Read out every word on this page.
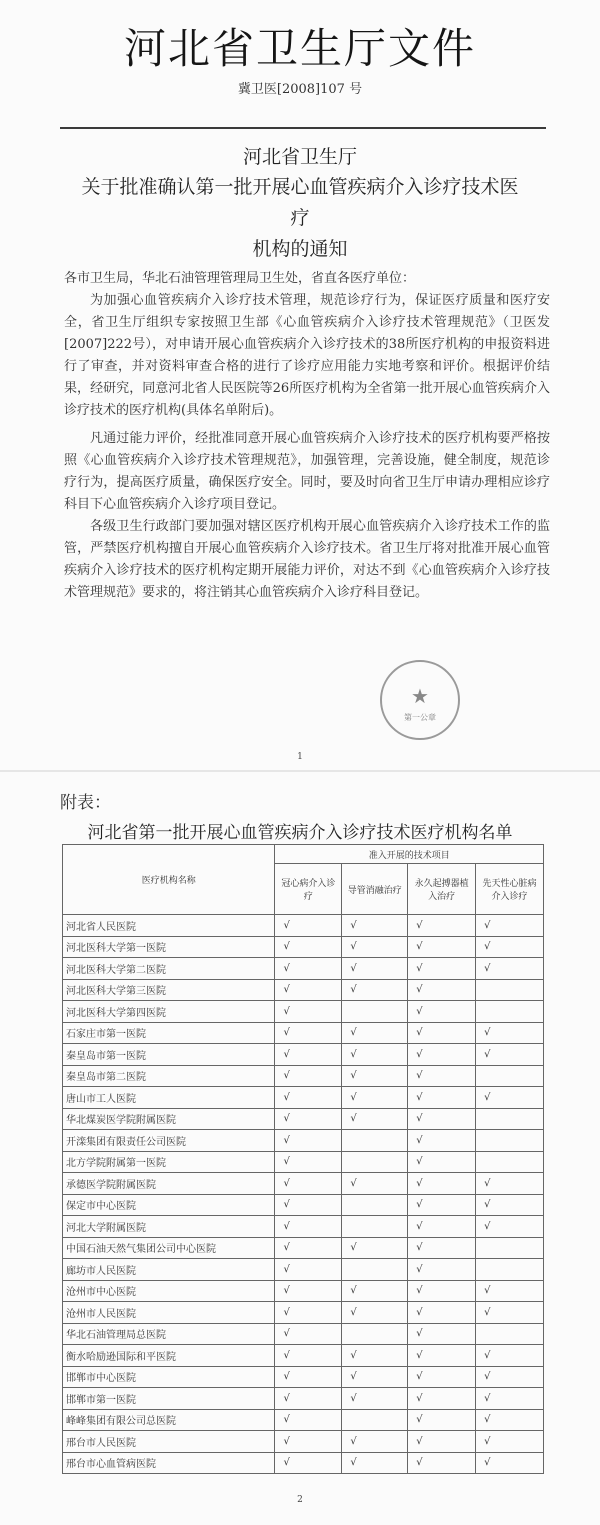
河北省卫生厅文件
冀卫医[2008]107 号
河北省卫生厅
关于批准确认第一批开展心血管疾病介入诊疗技术医疗
机构的通知

各市卫生局，华北石油管理管理局卫生处，省直各医疗单位：

为加强心血管疾病介入诊疗技术管理，规范诊疗行为，保证医疗质量和医疗安全，省卫生厅组织专家按照卫生部《心血管疾病介入诊疗技术管理规范》（卫医发[2007]222号），对申请开展心血管疾病介入诊疗技术的38所医疗机构的申报资料进行了审查，并对资料审查合格的进行了诊疗应用能力实地考察和评价。根据评价结果，经研究，同意河北省人民医院等26所医疗机构为全省第一批开展心血管疾病介入诊疗技术的医疗机构(具体名单附后)。

凡通过能力评价，经批准同意开展心血管疾病介入诊疗技术的医疗机构要严格按照《心血管疾病介入诊疗技术管理规范》，加强管理，完善设施，健全制度，规范诊疗行为，提高医疗质量，确保医疗安全。同时，要及时向省卫生厅申请办理相应诊疗科目下心血管疾病介入诊疗项目登记。

各级卫生行政部门要加强对辖区医疗机构开展心血管疾病介入诊疗技术工作的监管，严禁医疗机构擅自开展心血管疾病介入诊疗技术。省卫生厅将对批准开展心血管疾病介入诊疗技术的医疗机构定期开展能力评价，对达不到《心血管疾病介入诊疗技术管理规范》要求的，将注销其心血管疾病介入诊疗科目登记。

★
第一公章
1
附表：
河北省第一批开展心血管疾病介入诊疗技术医疗机构名单
医疗机构名称	准入开展的技术项目			
	冠心病介入诊疗	导管消融治疗	永久起搏器植入治疗	先天性心脏病介入诊疗
河北省人民医院	√	√	√	√
河北医科大学第一医院	√	√	√	√
河北医科大学第二医院	√	√	√	√
河北医科大学第三医院	√	√	√	
河北医科大学第四医院	√		√	
石家庄市第一医院	√	√	√	√
秦皇岛市第一医院	√	√	√	√
秦皇岛市第二医院	√	√	√	
唐山市工人医院	√	√	√	√
华北煤炭医学院附属医院	√	√	√	
开滦集团有限责任公司医院	√		√	
北方学院附属第一医院	√		√	
承德医学院附属医院	√	√	√	√
保定市中心医院	√		√	√
河北大学附属医院	√		√	√
中国石油天然气集团公司中心医院	√	√	√	
廊坊市人民医院	√		√	
沧州市中心医院	√	√	√	√
沧州市人民医院	√	√	√	√
华北石油管理局总医院	√		√	
衡水哈励逊国际和平医院	√	√	√	√
邯郸市中心医院	√	√	√	√
邯郸市第一医院	√	√	√	√
峰峰集团有限公司总医院	√		√	√
邢台市人民医院	√	√	√	√
邢台市心血管病医院	√	√	√	√
2
